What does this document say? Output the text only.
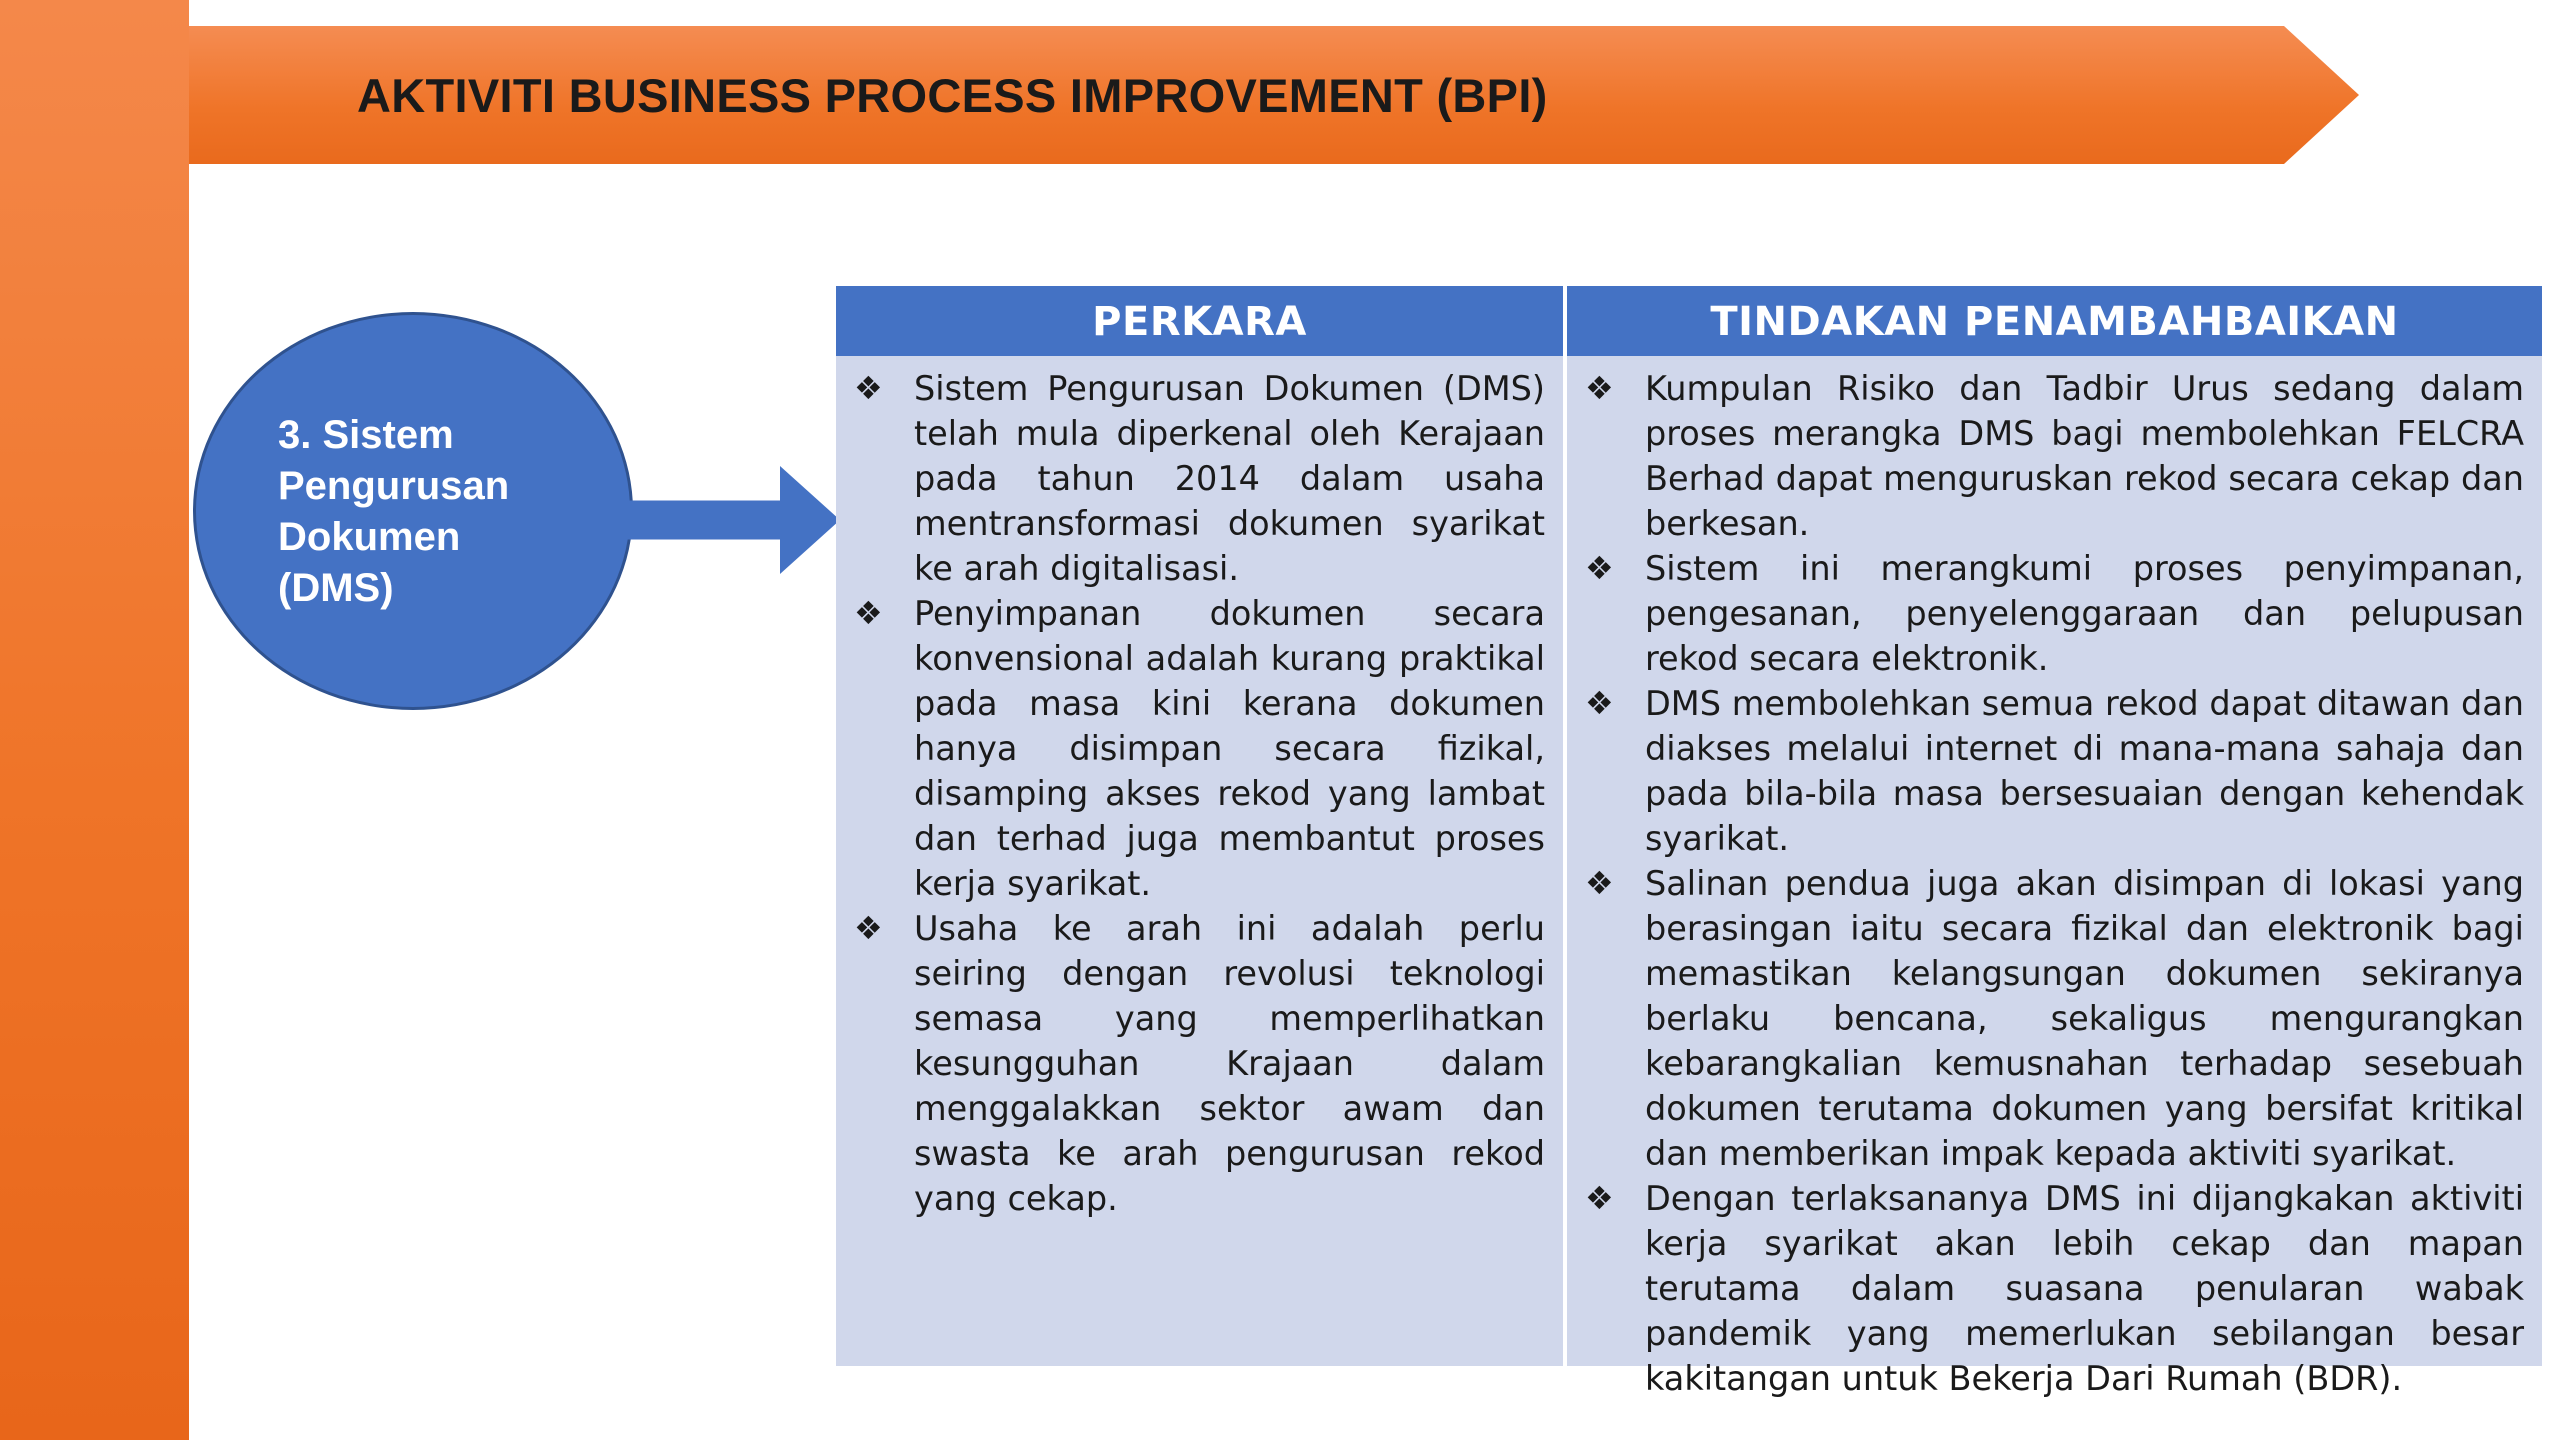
AKTIVITI BUSINESS PROCESS IMPROVEMENT (BPI)
3. Sistem
Pengurusan
Dokumen
(DMS)
PERKARA
❖ Sistem Pengurusan Dokumen (DMS) telah mula diperkenal oleh Kerajaan pada tahun 2014 dalam usaha mentransformasi dokumen syarikat ke arah digitalisasi.
❖ Penyimpanan dokumen secara konvensional adalah kurang praktikal pada masa kini kerana dokumen hanya disimpan secara fizikal, disamping akses rekod yang lambat dan terhad juga membantut proses kerja syarikat.
❖ Usaha ke arah ini adalah perlu seiring dengan revolusi teknologi semasa yang memperlihatkan kesungguhan Krajaan dalam menggalakkan sektor awam dan swasta ke arah pengurusan rekod yang cekap.
TINDAKAN PENAMBAHBAIKAN
❖ Kumpulan Risiko dan Tadbir Urus sedang dalam proses merangka DMS bagi membolehkan FELCRA Berhad dapat menguruskan rekod secara cekap dan berkesan.
❖ Sistem ini merangkumi proses penyimpanan, pengesanan, penyelenggaraan dan pelupusan rekod secara elektronik.
❖ DMS membolehkan semua rekod dapat ditawan dan diakses melalui internet di mana-mana sahaja dan pada bila-bila masa bersesuaian dengan kehendak syarikat.
❖ Salinan pendua juga akan disimpan di lokasi yang berasingan iaitu secara fizikal dan elektronik bagi memastikan kelangsungan dokumen sekiranya berlaku bencana, sekaligus mengurangkan kebarangkalian kemusnahan terhadap sesebuah dokumen terutama dokumen yang bersifat kritikal dan memberikan impak kepada aktiviti syarikat.
❖ Dengan terlaksananya DMS ini dijangkakan aktiviti kerja syarikat akan lebih cekap dan mapan terutama dalam suasana penularan wabak pandemik yang memerlukan sebilangan besar kakitangan untuk Bekerja Dari Rumah (BDR).
